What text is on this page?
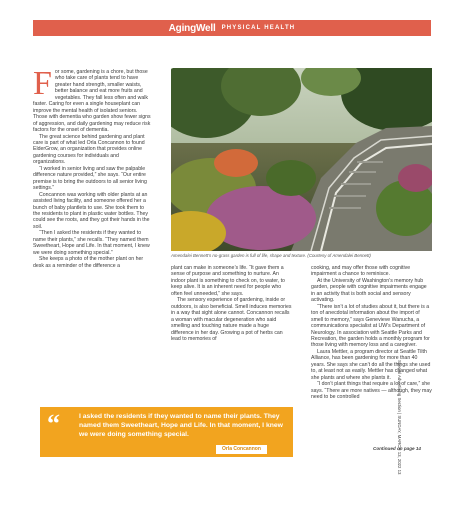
AgingWell PHYSICAL HEALTH
F or some, gardening is a chore, but those who take care of plants tend to have greater hand strength, smaller waists, better balance and eat more fruits and vegetables. They fall less often and walk faster. Caring for even a single houseplant can improve the mental health of isolated seniors. Those with dementia who garden show fewer signs of aggression, and daily gardening may reduce risk factors for the onset of dementia.

The great science behind gardening and plant care is part of what led Orla Concannon to found ElderGrow, an organization that provides online gardening courses for individuals and organizations.

“I worked in senior living and saw the palpable difference nature provided,” she says. “Our entire premise is to bring the outdoors to all senior living settings.”

Concannon was working with older plants at an assisted living facility, and someone offered her a bunch of baby plantlets to use. She took them to the residents to plant in plastic water bottles. They could see the roots, and they got their hands in the soil.

“Then I asked the residents if they wanted to name their plants,” she recalls. “They named them Sweetheart, Hope and Life. In that moment, I knew we were doing something special.”

She keeps a photo of the mother plant on her desk as a reminder of the difference a

Amendalei Bennett’s no-grass garden is full of life, shape and texture. (Courtesy of Amendalei Bennett)

plant can make in someone’s life. “It gave them a sense of purpose and something to nurture. An indoor plant is something to check on, to water, to keep alive. It is an inherent need for people who often feel unneeded,” she says.

The sensory experience of gardening, inside or outdoors, is also beneficial. Smell induces memories in a way that sight alone cannot. Concannon recalls a woman with macular degeneration who said smelling and touching nature made a huge difference in her day. Growing a pot of herbs can lead to memories of

cooking, and may offer those with cognitive impairment a chance to reminisce.

At the University of Washington’s memory hub garden, people with cognitive impairments engage in an activity that is both social and sensory activating.

“There isn’t a lot of studies about it, but there is a ton of anecdotal information about the import of smell to memory,” says Genevieve Wanucha, a communications specialist at UW’s Department of Neurology. In association with Seattle Parks and Recreation, the garden holds a monthly program for those living with memory loss and a caregiver.

Laura Mettler, a program director at Seattle Tilth Alliance, has been gardening for more than 40 years. She says she can’t do all the things she used to, at least not as easily. Mettler has changed what she plants and where she plants it.

“I don’t plant things that require a lot of care,” she says. “There are more natives — although, they may need to be controlled

Continued on page 14
“	I asked the residents if they wanted to name their plants. They named them Sweetheart, Hope and Life. In that moment, I knew we were doing something special.
Orla Concannon	Special Advertising Section | SUNDAY, MARCH 13, 2022 13
